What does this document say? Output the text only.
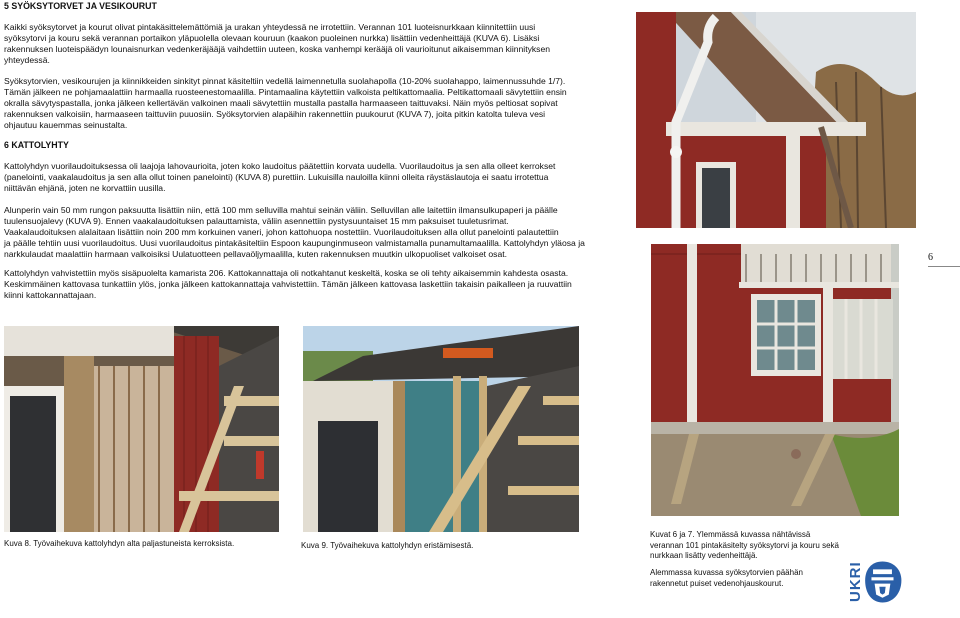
5 SYÖKSYTORVET JA VESIKOURUT
Kaikki syöksytorvet ja kourut olivat pintakäsittelemättömiä ja urakan yhteydessä ne irrotettiin. Verannan 101 luoteisnurkkaan kiinnitettiin uusi
syöksytorvi ja kouru sekä verannan portaikon yläpuolella olevaan kouruun (kaakon puoleinen nurkka) lisättiin vedenheittäjä (KUVA 6). Lisäksi
rakennuksen luoteispäädyn lounaisnurkan vedenkeräjääjä vaihdettiin uuteen, koska vanhempi kerääjä oli vaurioitunut aikaisemman kiinnityksen
yhteydessä.
Syöksytorvien, vesikourujen ja kiinnikkeiden sinkityt pinnat käsiteltiin vedellä laimennetulla suolahapolla (10-20% suolahappo, laimennussuhde 1/7).
Tämän jälkeen ne pohjamaalattiin harmaalla ruosteenestomaalilla. Pintamaalina käytettiin valkoista peltikattomaalia. Peltikattomaali sävytettiin ensin
okralla sävytyspastalla, jonka jälkeen kellertävän valkoinen maali sävytettiin mustalla pastalla harmaaseen taittuvaksi. Näin myös peltiosat sopivat
rakennuksen valkoisiin, harmaaseen taittuviin puuosiin. Syöksytorvien alapäihin rakennettiin puukourut (KUVA 7), joita pitkin katolta tuleva vesi
ohjautuu kauemmas seinustalta.
6 KATTOLYHTY
Kattolyhdyn vuorilaudoituksessa oli laajoja lahovaurioita, joten koko laudoitus päätettiin korvata uudella. Vuorilaudoitus ja sen alla olleet kerrokset
(panelointi, vaakalaudoitus ja sen alla ollut toinen panelointi) (KUVA 8) purettiin. Lukuisilla nauloilla kiinni olleita räystäslautoja ei saatu irrotettua
niittävän ehjänä, joten ne korvattiin uusilla.
Alunperin vain 50 mm rungon paksuutta lisättiin niin, että 100 mm selluvilla mahtui seinän väliin. Selluvillan alle laitettiin ilmansulkupaperi ja päälle
tuulensuojalevy (KUVA 9). Ennen vaakalaudoituksen palauttamista, väliin asennettiin pystysuuntaiset 15 mm paksuiset tuuletusrimat.
Vaakalaudoituksen alalaitaan lisättiin noin 200 mm korkuinen vaneri, johon kattohuopa nostettiin. Vuorilaudoituksen alla ollut panelointi palautettiin
ja päälle tehtiin uusi vuorilaudoitus. Uusi vuorilaudoitus pintakäsiteltiin Espoon kaupunginmuseon valmistamalla punamultamaalilla. Kattolyhdyn yläosa ja
narkkulaudat maalattiin harmaan valkoisiksi Uulatuotteen pellavaöljymaalilla, kuten rakennuksen muutkin ulkopuoliset valkoiset osat.
Kattolyhdyn vahvistettiin myös sisäpuolelta kamarista 206. Kattokannattaja oli notkahtanut keskeltä, koska se oli tehty aikaisemmin kahdesta osasta.
Keskimmäinen kattovasa tunkattiin ylös, jonka jälkeen kattokannattaja vahvistettiin. Tämän jälkeen kattovasa laskettiin takaisin paikalleen ja ruuvattiin
kiinni kattokannattajaan.
Kuva 8. Työvaihekuva kattolyhdyn alta paljastuneista kerroksista.	Kuva 9. Työvaihekuva kattolyhdyn eristämisestä.
Kuvat 6 ja 7. Ylemmässä kuvassa nähtävissä
verannan 101 pintakäsitelty syöksytorvi ja kouru sekä
nurkkaan lisätty vedenheittäjä.
Alemmassa kuvassa syöksytorvien päähän
rakennetut puiset vedenohjauskourut.
6
UKRI
